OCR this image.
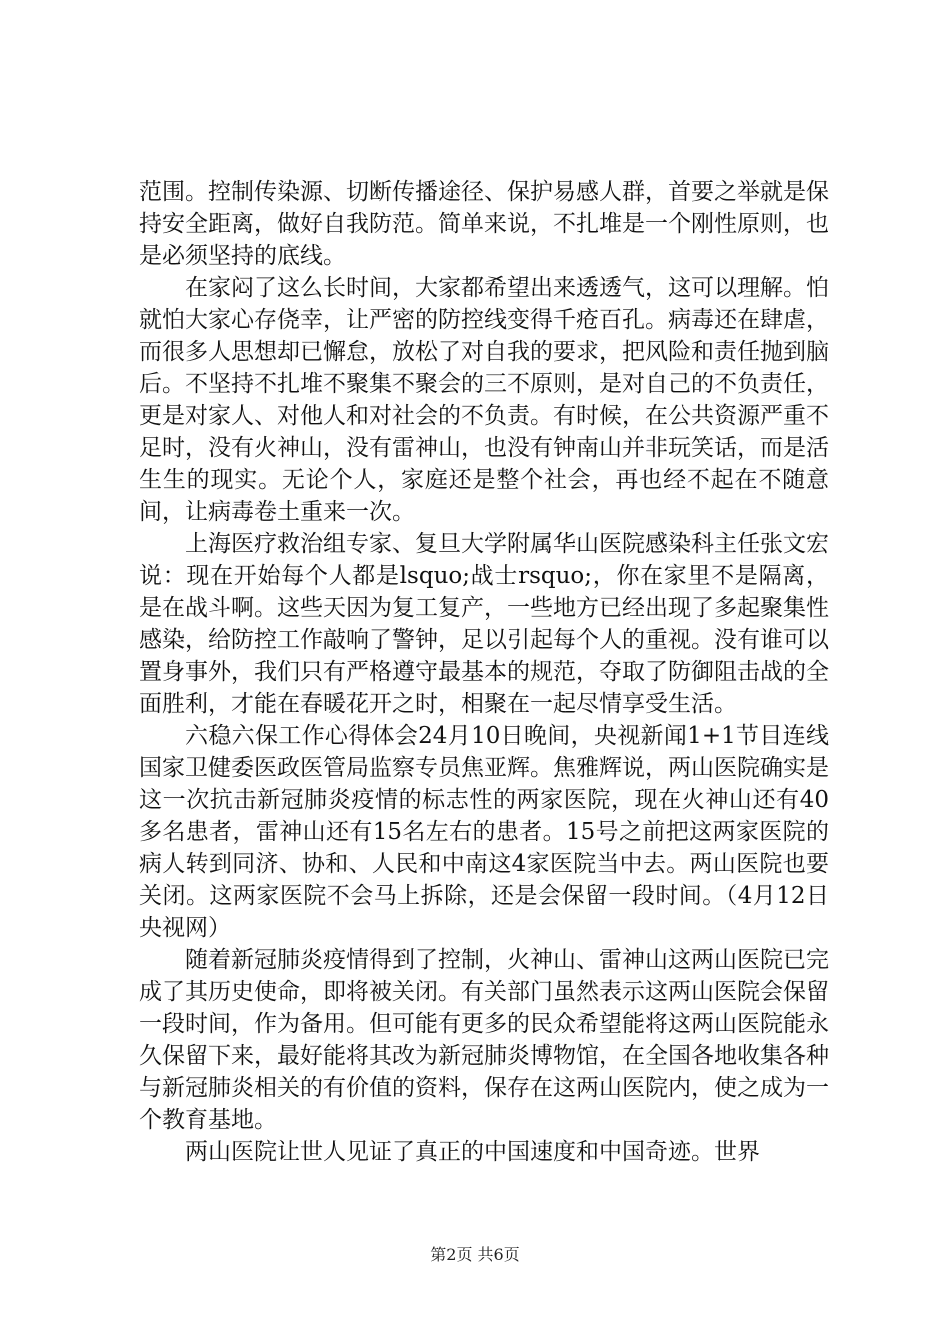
范围。控制传染源、切断传播途径、保护易感人群，首要之举就是保持安全距离，做好自我防范。简单来说，不扎堆是一个刚性原则，也是必须坚持的底线。

在家闷了这么长时间，大家都希望出来透透气，这可以理解。怕就怕大家心存侥幸，让严密的防控线变得千疮百孔。病毒还在肆虐，而很多人思想却已懈怠，放松了对自我的要求，把风险和责任抛到脑后。不坚持不扎堆不聚集不聚会的三不原则，是对自己的不负责任，更是对家人、对他人和对社会的不负责。有时候，在公共资源严重不足时，没有火神山，没有雷神山，也没有钟南山并非玩笑话，而是活生生的现实。无论个人，家庭还是整个社会，再也经不起在不随意间，让病毒卷土重来一次。

上海医疗救治组专家、复旦大学附属华山医院感染科主任张文宏说：现在开始每个人都是lsquo;战士rsquo;，你在家里不是隔离，是在战斗啊。这些天因为复工复产，一些地方已经出现了多起聚集性感染，给防控工作敲响了警钟，足以引起每个人的重视。没有谁可以置身事外，我们只有严格遵守最基本的规范，夺取了防御阻击战的全面胜利，才能在春暖花开之时，相聚在一起尽情享受生活。

六稳六保工作心得体会24月10日晚间，央视新闻1+1节目连线国家卫健委医政医管局监察专员焦亚辉。焦雅辉说，两山医院确实是这一次抗击新冠肺炎疫情的标志性的两家医院，现在火神山还有40多名患者，雷神山还有15名左右的患者。15号之前把这两家医院的病人转到同济、协和、人民和中南这4家医院当中去。两山医院也要关闭。这两家医院不会马上拆除，还是会保留一段时间。（4月12日央视网）

随着新冠肺炎疫情得到了控制，火神山、雷神山这两山医院已完成了其历史使命，即将被关闭。有关部门虽然表示这两山医院会保留一段时间，作为备用。但可能有更多的民众希望能将这两山医院能永久保留下来，最好能将其改为新冠肺炎博物馆，在全国各地收集各种与新冠肺炎相关的有价值的资料，保存在这两山医院内，使之成为一个教育基地。

两山医院让世人见证了真正的中国速度和中国奇迹。世界

第2页 共6页
